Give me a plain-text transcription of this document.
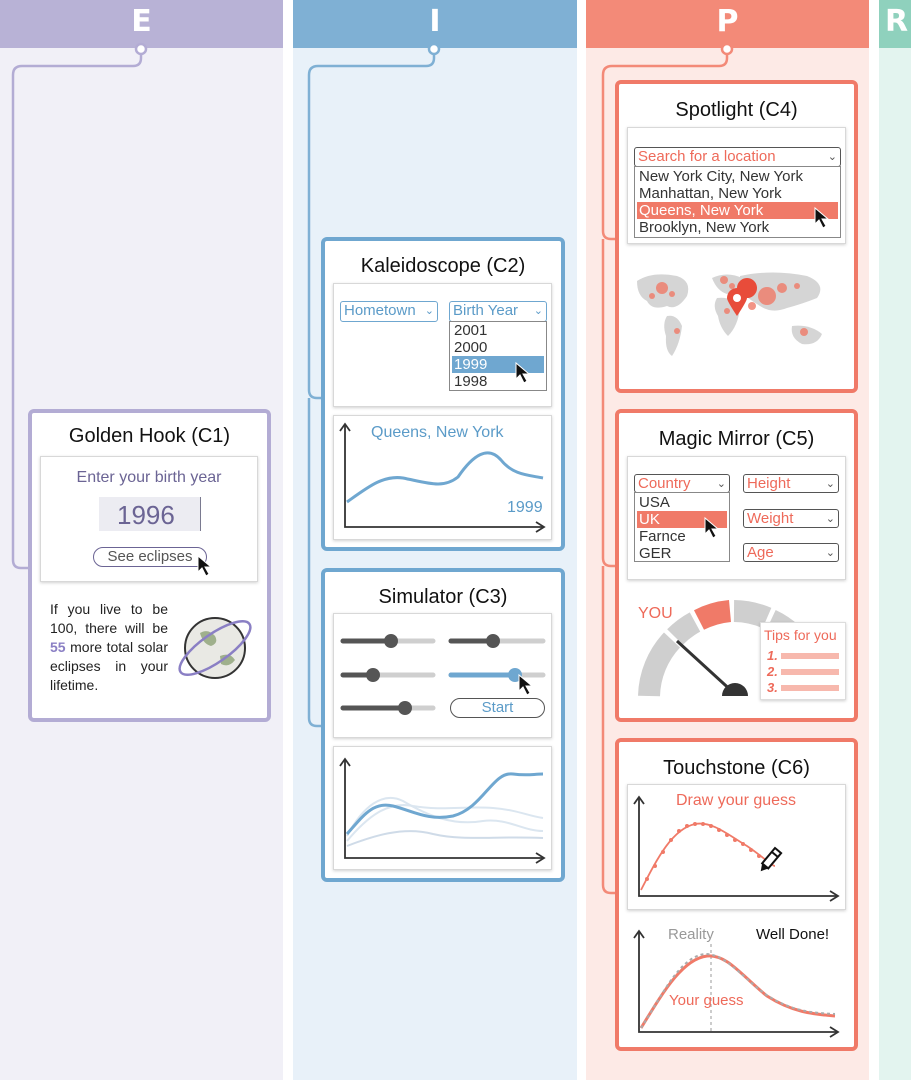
E	I	P	R
Golden Hook (C1)
Enter your birth year
1996
See eclipses
If you live to be 100, there will be 55 more total solar eclipses in your lifetime.
Kaleidoscope (C2)
Hometown ⌄ Birth Year ⌄
2001
2000
1999
1998
Queens, New York
1999
Simulator (C3)
Start
Spotlight (C4)
Search for a location	⌄
New York City, New York
Manhattan, New York
Queens, New York
Brooklyn, New York
Magic Mirror (C5)
Country ⌄
USA
UK
Farnce
GER
Height	⌄
Weight	⌄
Age	⌄
YOU
Tips for you
1.
2.
3.
Touchstone (C6)
Draw your guess
Reality	Well Done!
Your guess
